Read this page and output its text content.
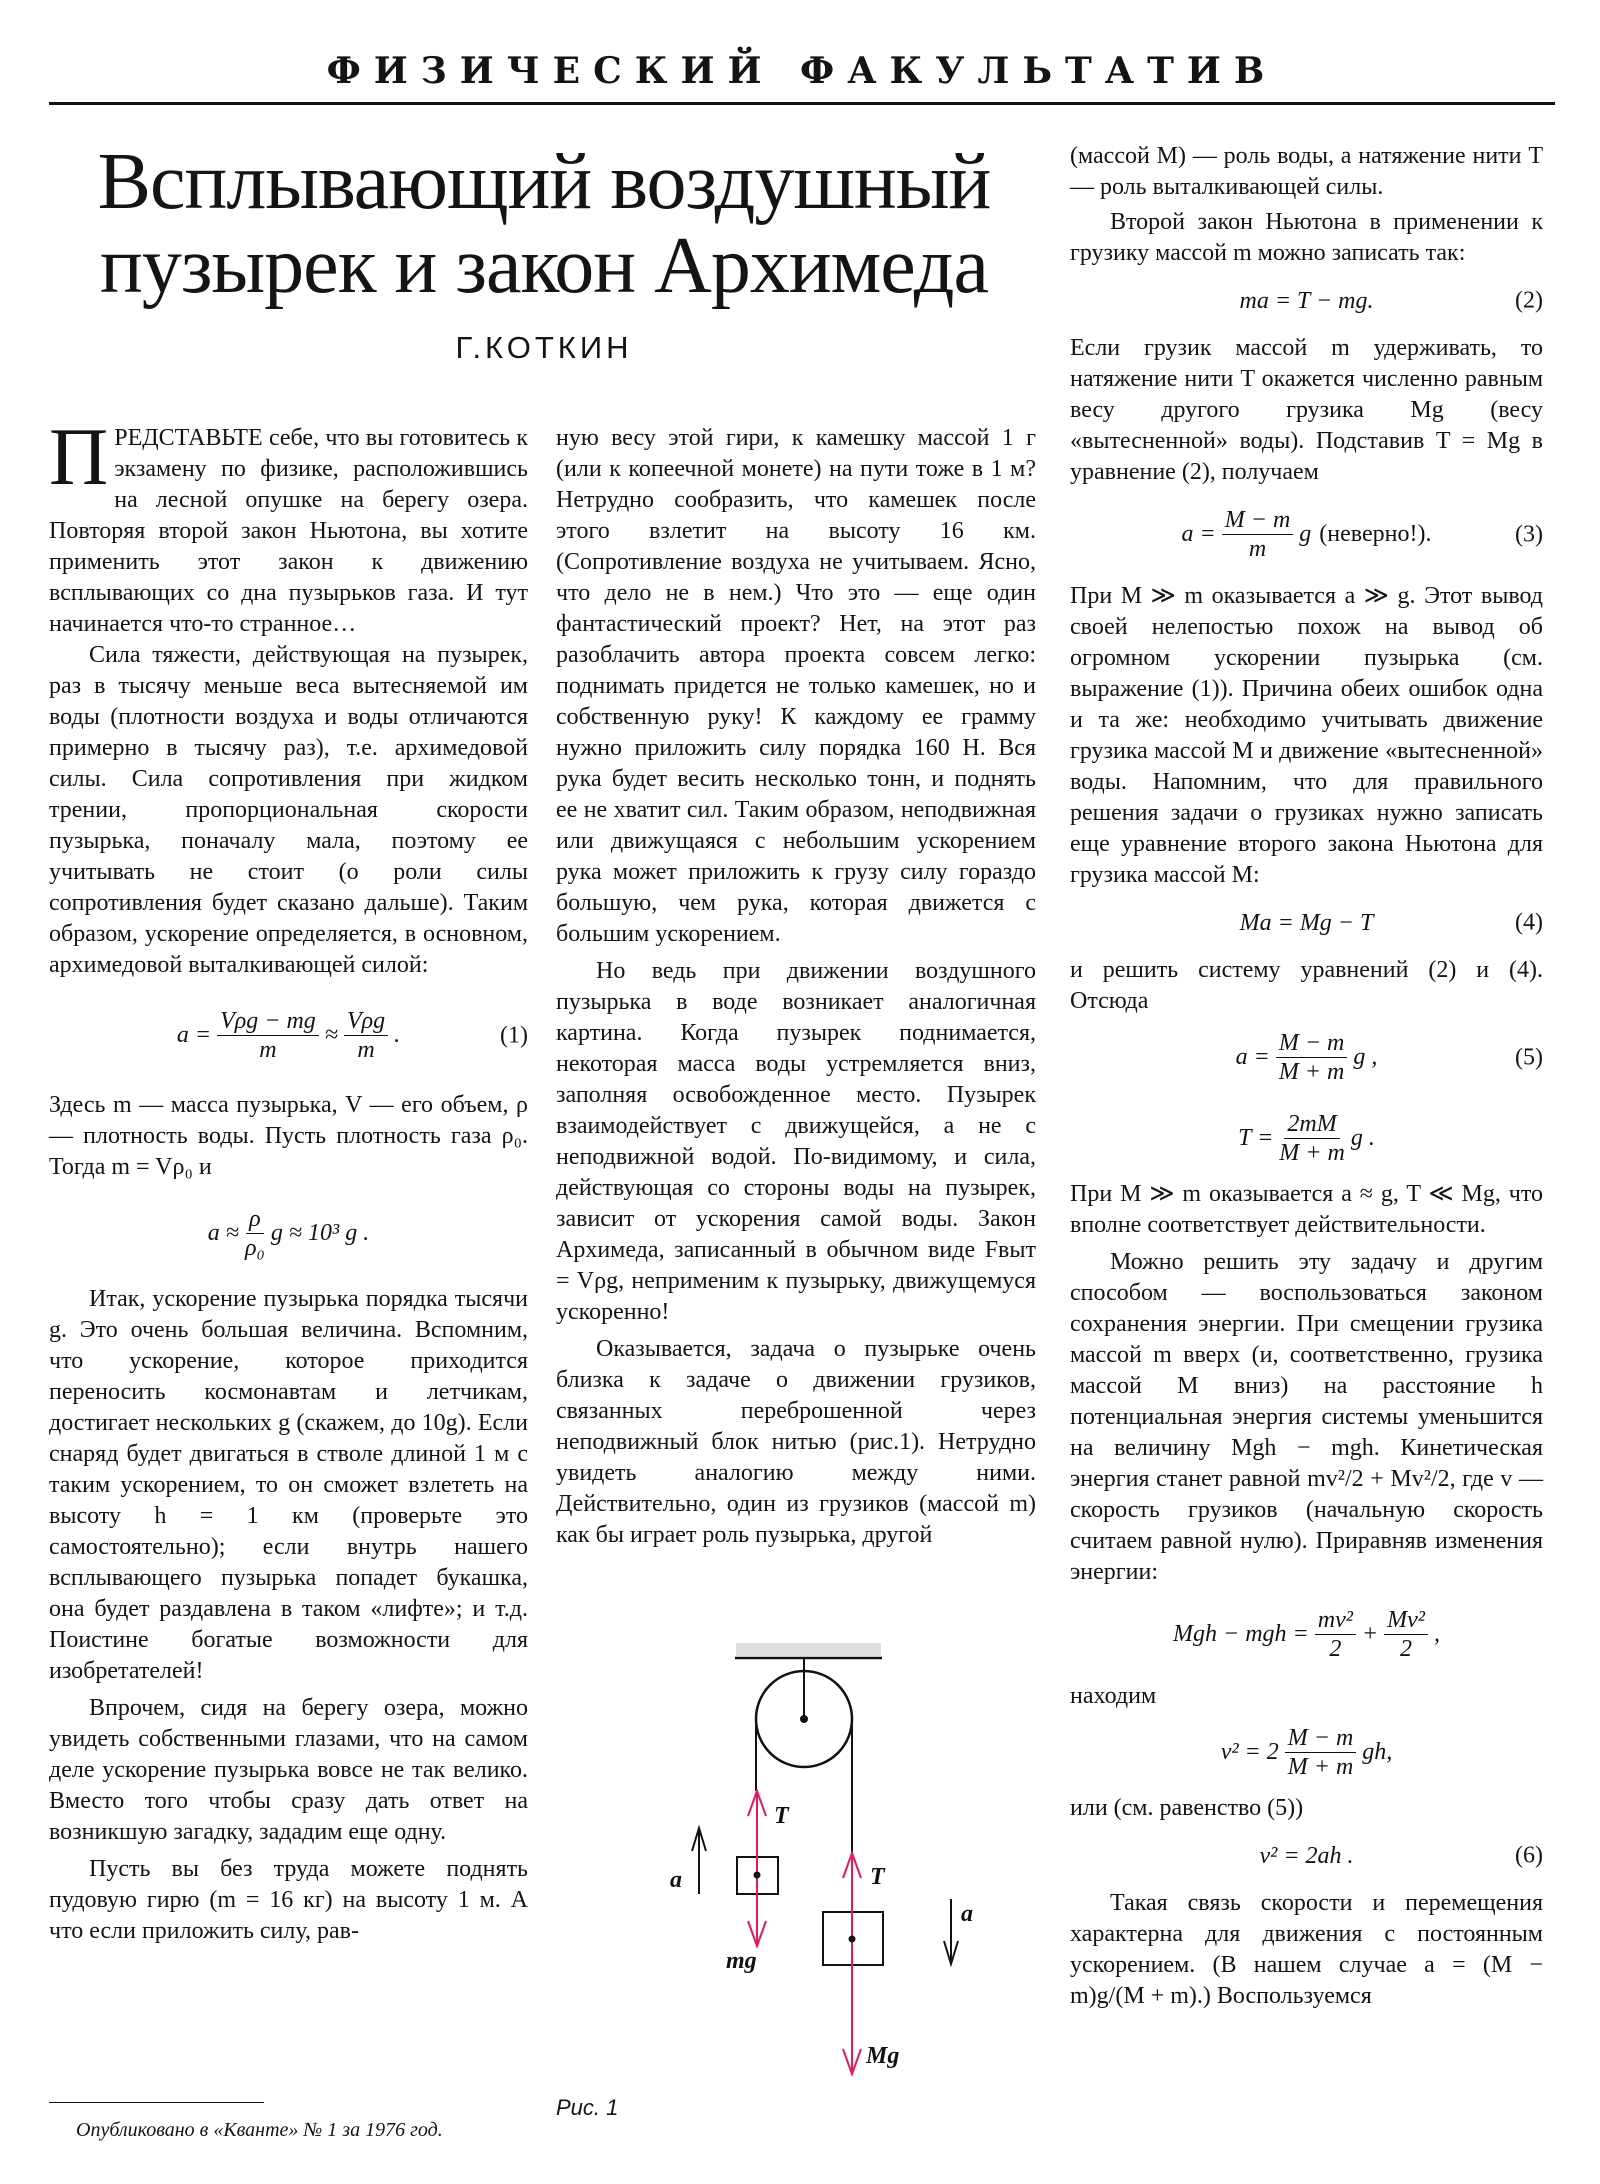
ФИЗИЧЕСКИЙ ФАКУЛЬТАТИВ
Всплывающий воздушный
пузырек и закон Архимеда
Г.КОТКИН

ПРЕДСТАВЬТЕ себе, что вы готовитесь к экзамену по физике, расположившись на лесной опушке на берегу озера. Повторяя второй закон Ньютона, вы хотите применить этот закон к движению всплывающих со дна пузырьков газа. И тут начинается что-то странное…

Сила тяжести, действующая на пузырек, раз в тысячу меньше веса вытесняемой им воды (плотности воздуха и воды отличаются примерно в тысячу раз), т.е. архимедовой силы. Сила сопротивления при жидком трении, пропорциональная скорости пузырька, поначалу мала, поэтому ее учитывать не стоит (о роли силы сопротивления будет сказано дальше). Таким образом, ускорение определяется, в основном, архимедовой выталкивающей силой:

a =
Vρg − mg
m
≈
Vρg
m
.	(1)

Здесь m — масса пузырька, V — его объем, ρ — плотность воды. Пусть плотность газа ρ₀. Тогда m = Vρ₀ и

$a \approx \frac{\rho}{\text{ρ₀}}$ g ≈ 10³ g .

Итак, ускорение пузырька порядка тысячи g. Это очень большая величина. Вспомним, что ускорение, которое приходится переносить космонавтам и летчикам, достигает нескольких g (скажем, до 10g). Если снаряд будет двигаться в стволе длиной 1 м с таким ускорением, то он сможет взлететь на высоту h = 1 км (проверьте это самостоятельно); если внутрь нашего всплывающего пузырька попадет букашка, она будет раздавлена в таком «лифте»; и т.д. Поистине богатые возможности для изобретателей!

Впрочем, сидя на берегу озера, можно увидеть собственными глазами, что на самом деле ускорение пузырька вовсе не так велико. Вместо того чтобы сразу дать ответ на возникшую загадку, зададим еще одну.

Пусть вы без труда можете поднять пудовую гирю (m = 16 кг) на высоту 1 м. А что если приложить силу, рав-

Опубликовано в «Кванте» № 1 за 1976 год.

ную весу этой гири, к камешку массой 1 г (или к копеечной монете) на пути тоже в 1 м? Нетрудно сообразить, что камешек после этого взлетит на высоту 16 км. (Сопротивление воздуха не учитываем. Ясно, что дело не в нем.) Что это — еще один фантастический проект? Нет, на этот раз разоблачить автора проекта совсем легко: поднимать придется не только камешек, но и собственную руку! К каждому ее грамму нужно приложить силу порядка 160 Н. Вся рука будет весить несколько тонн, и поднять ее не хватит сил. Таким образом, неподвижная или движущаяся с небольшим ускорением рука может приложить к грузу силу гораздо большую, чем рука, которая движется с большим ускорением.

Но ведь при движении воздушного пузырька в воде возникает аналогичная картина. Когда пузырек поднимается, некоторая масса воды устремляется вниз, заполняя освобожденное место. Пузырек взаимодействует с движущейся, а не с неподвижной водой. По-видимому, и сила, действующая со стороны воды на пузырек, зависит от ускорения самой воды. Закон Архимеда, записанный в обычном виде Fвыт = Vρg, неприменим к пузырьку, движущемуся ускоренно!

Оказывается, задача о пузырьке очень близка к задаче о движении грузиков, связанных переброшенной через неподвижный блок нитью (рис.1). Нетрудно увидеть аналогию между ними. Действительно, один из грузиков (массой m) как бы играет роль пузырька, другой

T
T
a
a
mg
Mg
Рис. 1

(массой M) — роль воды, а натяжение нити T — роль выталкивающей силы.

Второй закон Ньютона в применении к грузику массой m можно записать так:

ma = T − mg.	(2)

Если грузик массой m удерживать, то натяжение нити T окажется численно равным весу другого грузика Mg (весу «вытесненной» воды). Подставив T = Mg в уравнение (2), получаем

$a = \frac{M - m}{m}$ g (неверно!).	(3)

При M ≫ m оказывается a ≫ g. Этот вывод своей нелепостью похож на вывод об огромном ускорении пузырька (см. выражение (1)). Причина обеих ошибок одна и та же: необходимо учитывать движение грузика массой M и движение «вытесненной» воды. Напомним, что для правильного решения задачи о грузиках нужно записать еще уравнение второго закона Ньютона для грузика массой M:

Ma = Mg − T	(4)

и решить систему уравнений (2) и (4). Отсюда

$a = \frac{M - m}{M + m}$ g ,	(5)
$T = \frac{2mM}{M + m}$ g .

При M ≫ m оказывается a ≈ g, T ≪ Mg, что вполне соответствует действительности.

Можно решить эту задачу и другим способом — воспользоваться законом сохранения энергии. При смещении грузика массой m вверх (и, соответственно, грузика массой M вниз) на расстояние h потенциальная энергия системы уменьшится на величину Mgh − mgh. Кинетическая энергия станет равной mv²/2 + Mv²/2, где v — скорость грузиков (начальную скорость считаем равной нулю). Приравняв изменения энергии:

Mgh − mgh = $\frac{\text{mv²}}{2} + \frac{\text{Mv²}}{2}$ ,

находим

$v^2 = 2 \frac{M - m}{M + m}$ gh,

или (см. равенство (5))

v² = 2ah .	(6)

Такая связь скорости и перемещения характерна для движения с постоянным ускорением. (В нашем случае a = (M − m)g/(M + m).) Воспользуемся
